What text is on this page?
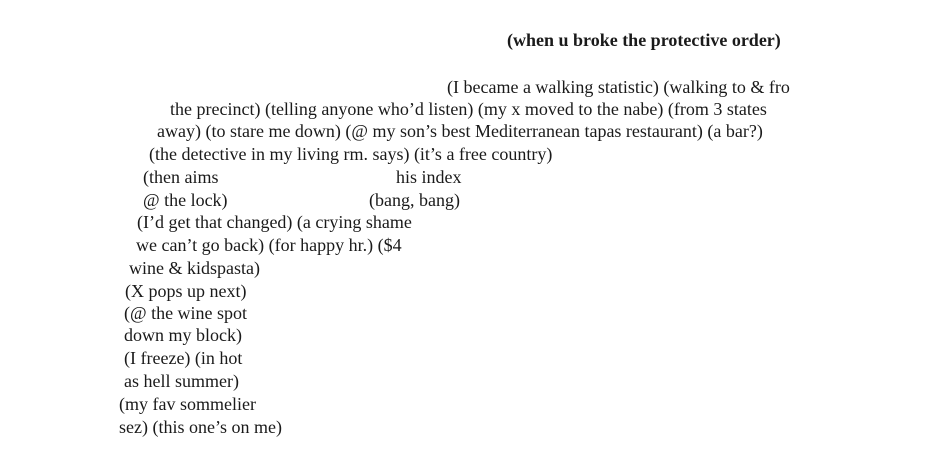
(when u broke the protective order)
(I became a walking statistic) (walking to & fro
the precinct) (telling anyone who’d listen) (my x moved to the nabe) (from 3 states
away) (to stare me down) (@ my son’s best Mediterranean tapas restaurant) (a bar?)
(the detective in my living rm. says) (it’s a free country)
(then aims	his index
@ the lock)	(bang, bang)
(I’d get that changed) (a crying shame
we can’t go back) (for happy hr.) ($4
wine & kidspasta)
(X pops up next)
(@ the wine spot
down my block)
(I freeze) (in hot
as hell summer)
(my fav sommelier
sez) (this one’s on me)
